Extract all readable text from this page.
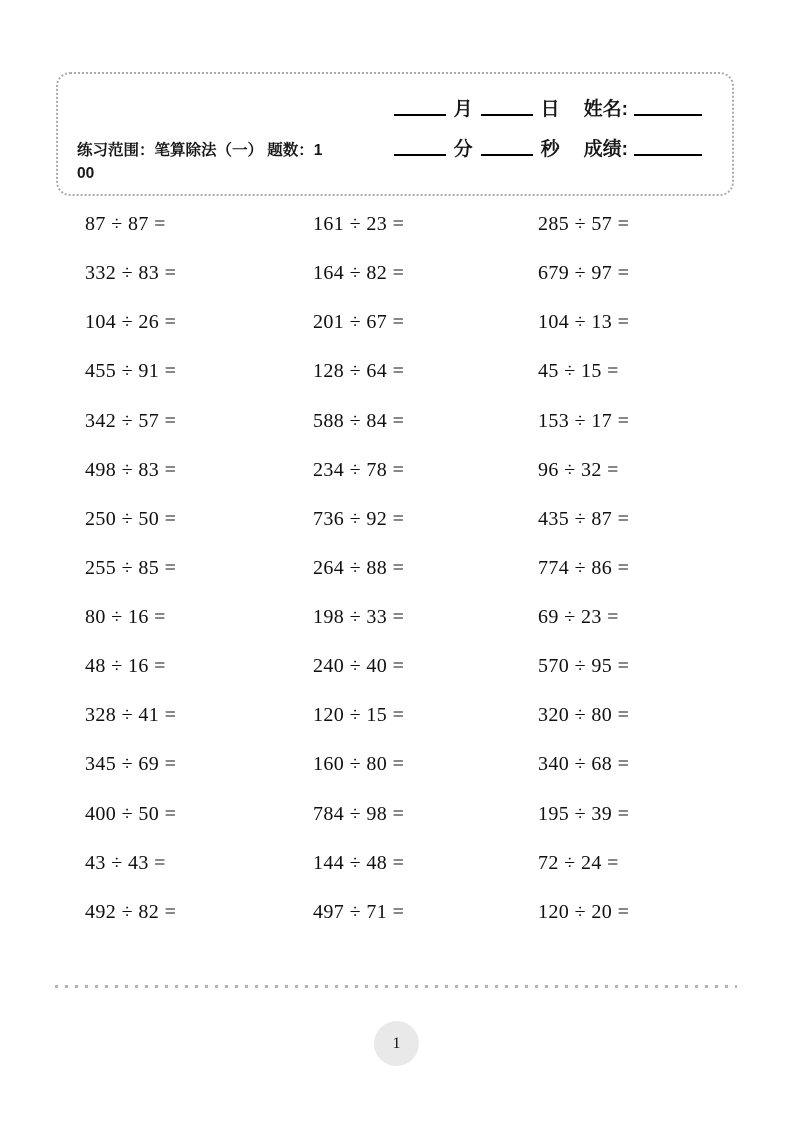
练习范围：笔算除法（一） 题数：100
月	日 姓名:
分	秒 成绩:
87 ÷ 87 =	161 ÷ 23 =	285 ÷ 57 =
332 ÷ 83 =	164 ÷ 82 =	679 ÷ 97 =
104 ÷ 26 =	201 ÷ 67 =	104 ÷ 13 =
455 ÷ 91 =	128 ÷ 64 =	45 ÷ 15 =
342 ÷ 57 =	588 ÷ 84 =	153 ÷ 17 =
498 ÷ 83 =	234 ÷ 78 =	96 ÷ 32 =
250 ÷ 50 =	736 ÷ 92 =	435 ÷ 87 =
255 ÷ 85 =	264 ÷ 88 =	774 ÷ 86 =
80 ÷ 16 =	198 ÷ 33 =	69 ÷ 23 =
48 ÷ 16 =	240 ÷ 40 =	570 ÷ 95 =
328 ÷ 41 =	120 ÷ 15 =	320 ÷ 80 =
345 ÷ 69 =	160 ÷ 80 =	340 ÷ 68 =
400 ÷ 50 =	784 ÷ 98 =	195 ÷ 39 =
43 ÷ 43 =	144 ÷ 48 =	72 ÷ 24 =
492 ÷ 82 =	497 ÷ 71 =	120 ÷ 20 =
1
